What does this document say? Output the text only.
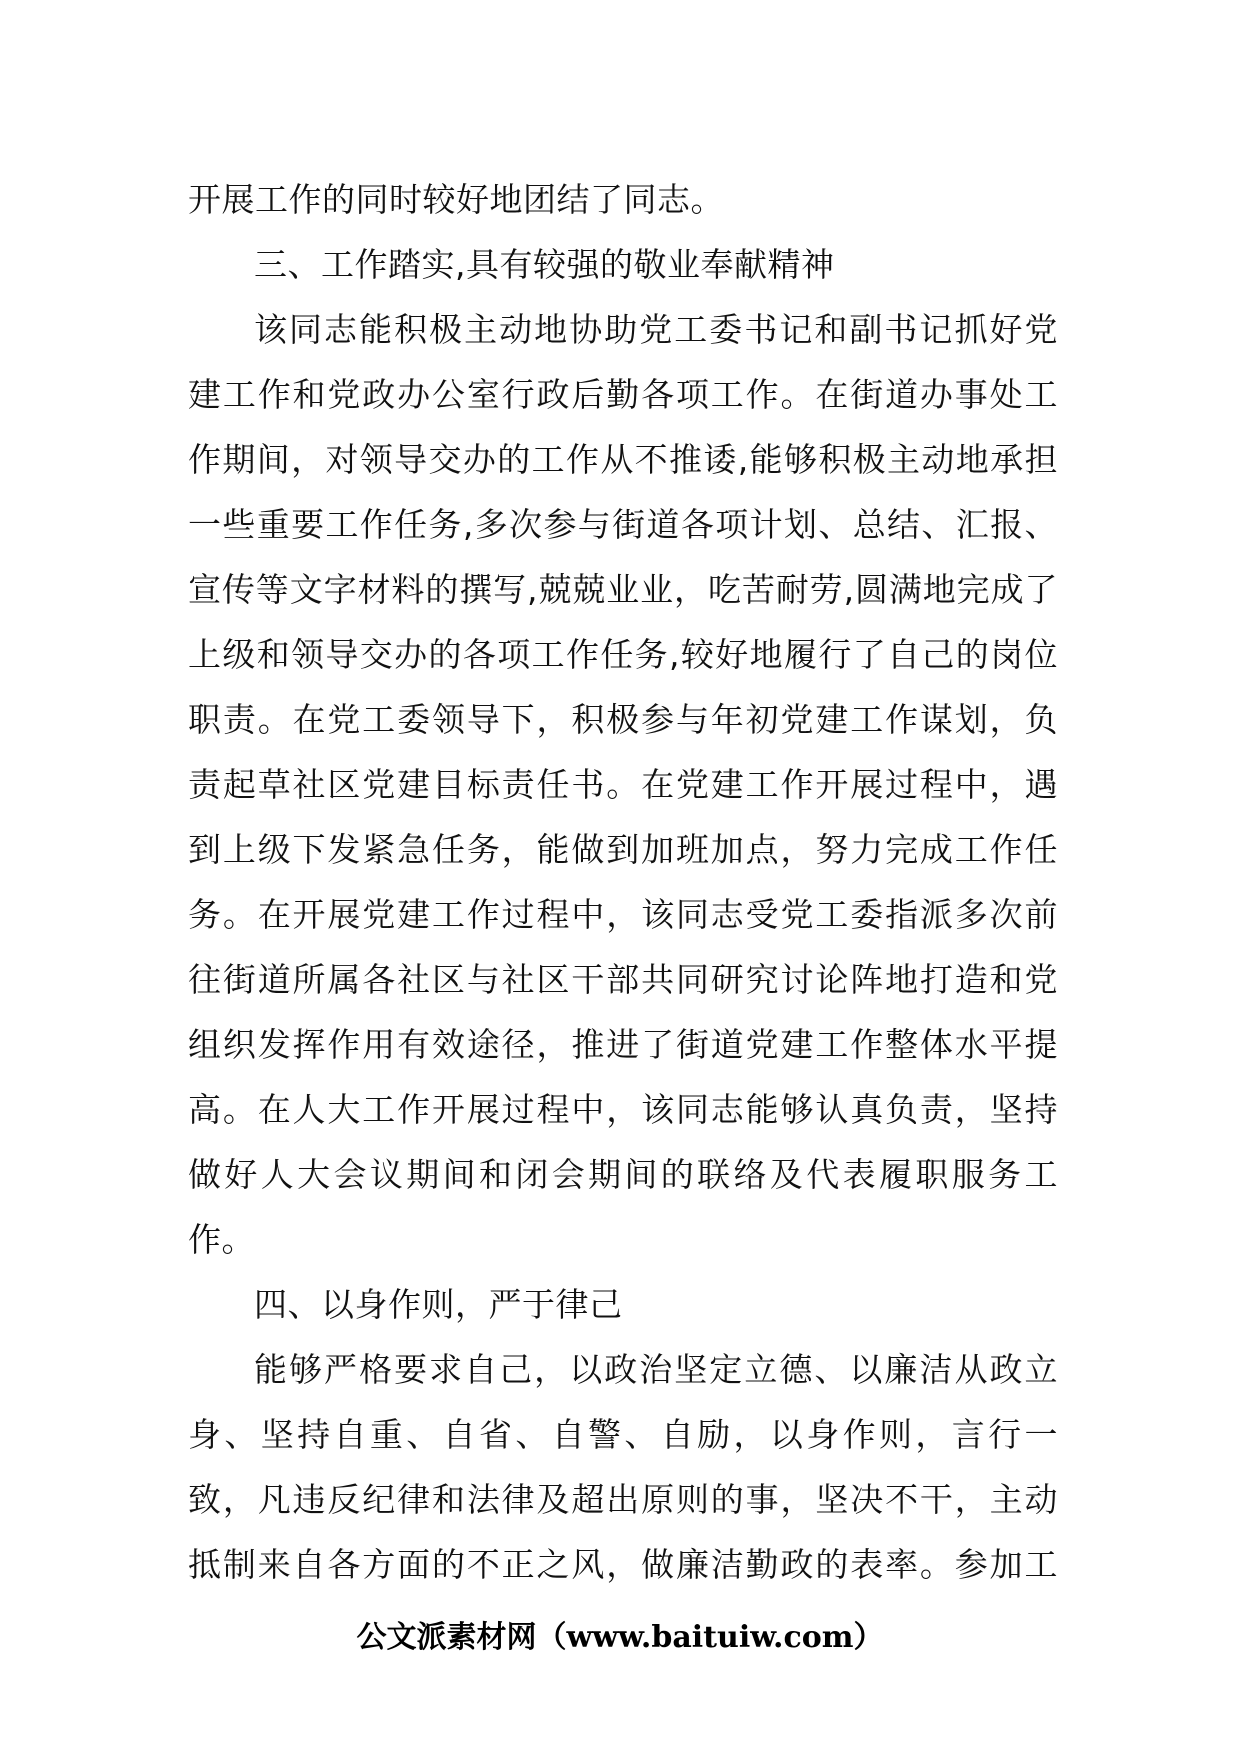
开展工作的同时较好地团结了同志。
三、工作踏实,具有较强的敬业奉献精神
该同志能积极主动地协助党工委书记和副书记抓好党
建工作和党政办公室行政后勤各项工作。在街道办事处工
作期间，对领导交办的工作从不推诿,能够积极主动地承担
一些重要工作任务,多次参与街道各项计划、总结、汇报、
宣传等文字材料的撰写,兢兢业业，吃苦耐劳,圆满地完成了
上级和领导交办的各项工作任务,较好地履行了自己的岗位
职责。在党工委领导下，积极参与年初党建工作谋划，负
责起草社区党建目标责任书。在党建工作开展过程中，遇
到上级下发紧急任务，能做到加班加点，努力完成工作任
务。在开展党建工作过程中，该同志受党工委指派多次前
往街道所属各社区与社区干部共同研究讨论阵地打造和党
组织发挥作用有效途径，推进了街道党建工作整体水平提
高。在人大工作开展过程中，该同志能够认真负责，坚持
做好人大会议期间和闭会期间的联络及代表履职服务工
作。
四、以身作则，严于律己
能够严格要求自己，以政治坚定立德、以廉洁从政立
身、坚持自重、自省、自警、自励，以身作则，言行一
致，凡违反纪律和法律及超出原则的事，坚决不干，主动
抵制来自各方面的不正之风，做廉洁勤政的表率。参加工
公文派素材网（www.baituiw.com）
